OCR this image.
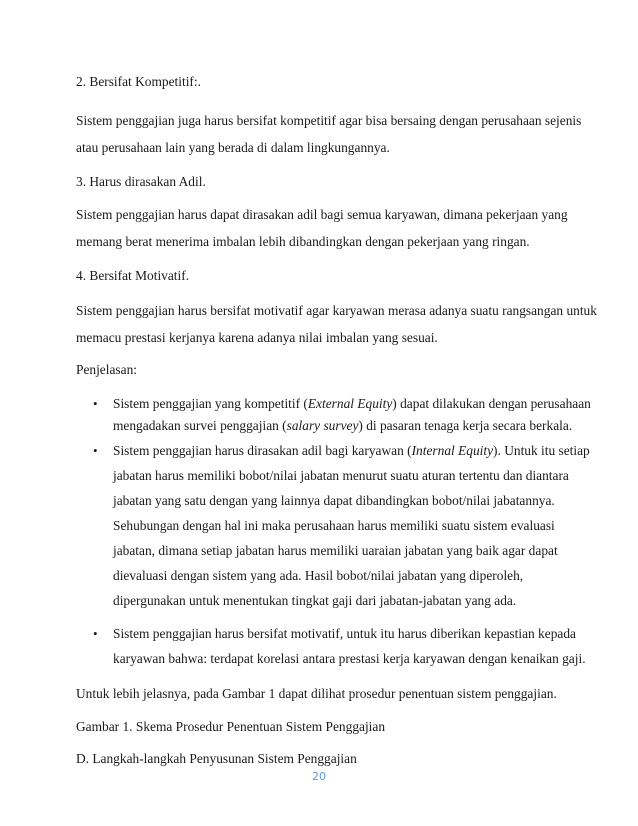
2. Bersifat Kompetitif:.
Sistem penggajian juga harus bersifat kompetitif agar bisa bersaing dengan perusahaan sejenis
atau perusahaan lain yang berada di dalam lingkungannya.
3. Harus dirasakan Adil.
Sistem penggajian harus dapat dirasakan adil bagi semua karyawan, dimana pekerjaan yang
memang berat menerima imbalan lebih dibandingkan dengan pekerjaan yang ringan.
4. Bersifat Motivatif.
Sistem penggajian harus bersifat motivatif agar karyawan merasa adanya suatu rangsangan untuk
memacu prestasi kerjanya karena adanya nilai imbalan yang sesuai.
Penjelasan:
• Sistem penggajian yang kompetitif (External Equity) dapat dilakukan dengan perusahaan
mengadakan survei penggajian (salary survey) di pasaran tenaga kerja secara berkala.
• Sistem penggajian harus dirasakan adil bagi karyawan (Internal Equity). Untuk itu setiap
jabatan harus memiliki bobot/nilai jabatan menurut suatu aturan tertentu dan diantara
jabatan yang satu dengan yang lainnya dapat dibandingkan bobot/nilai jabatannya.
Sehubungan dengan hal ini maka perusahaan harus memiliki suatu sistem evaluasi
jabatan, dimana setiap jabatan harus memiliki uaraian jabatan yang baik agar dapat
dievaluasi dengan sistem yang ada. Hasil bobot/nilai jabatan yang diperoleh,
dipergunakan untuk menentukan tingkat gaji dari jabatan-jabatan yang ada.
• Sistem penggajian harus bersifat motivatif, untuk itu harus diberikan kepastian kepada
karyawan bahwa: terdapat korelasi antara prestasi kerja karyawan dengan kenaikan gaji.
Untuk lebih jelasnya, pada Gambar 1 dapat dilihat prosedur penentuan sistem penggajian.
Gambar 1. Skema Prosedur Penentuan Sistem Penggajian
D. Langkah-langkah Penyusunan Sistem Penggajian
20
